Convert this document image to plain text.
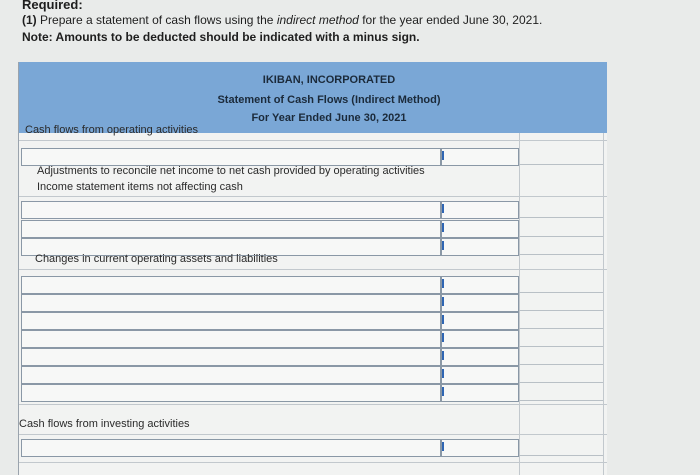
Required:
(1) Prepare a statement of cash flows using the indirect method for the year ended June 30, 2021.
Note: Amounts to be deducted should be indicated with a minus sign.
IKIBAN, INCORPORATED
Statement of Cash Flows (Indirect Method)
For Year Ended June 30, 2021
Cash flows from operating activities
Adjustments to reconcile net income to net cash provided by operating activities
Income statement items not affecting cash
Changes in current operating assets and liabilities
Cash flows from investing activities
